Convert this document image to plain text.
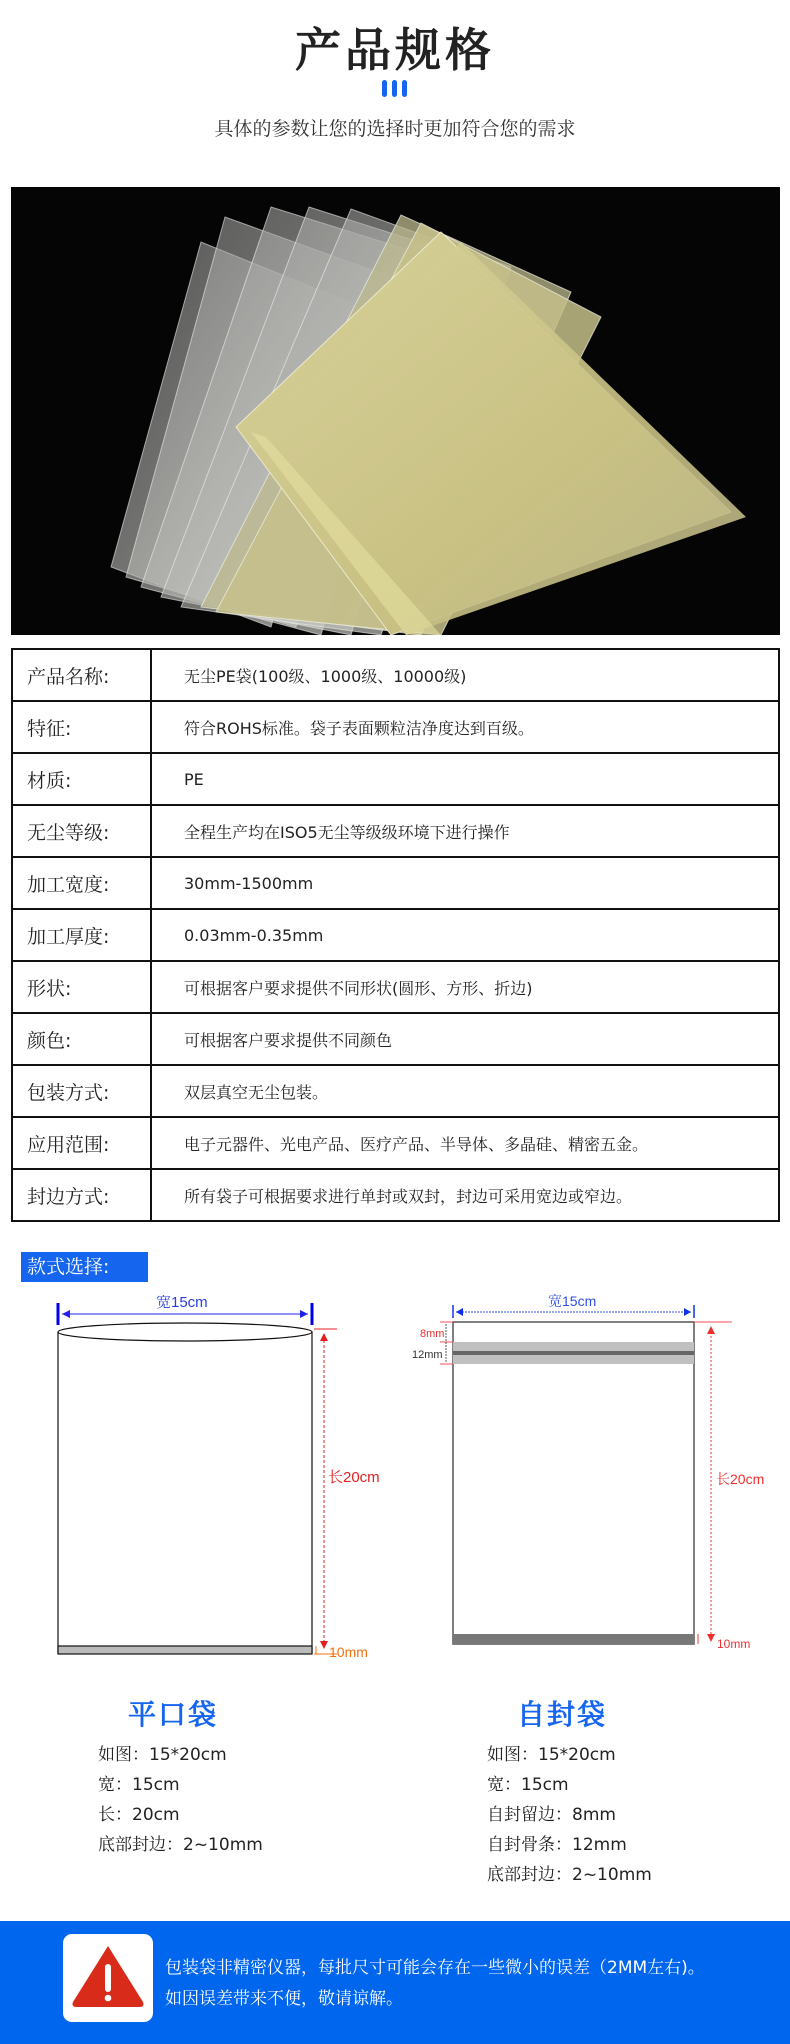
产品规格
具体的参数让您的选择时更加符合您的需求
产品名称:	无尘PE袋(100级、1000级、10000级)
特征:	符合ROHS标准。袋子表面颗粒洁净度达到百级。
材质:	PE
无尘等级:	全程生产均在ISO5无尘等级级环境下进行操作
加工宽度:	30mm-1500mm
加工厚度:	0.03mm-0.35mm
形状:	可根据客户要求提供不同形状(圆形、方形、折边)
颜色:	可根据客户要求提供不同颜色
包装方式:	双层真空无尘包装。
应用范围:	电子元器件、光电产品、医疗产品、半导体、多晶硅、精密五金。
封边方式:	所有袋子可根据要求进行单封或双封，封边可采用宽边或窄边。
款式选择:
宽15cm
长20cm
10mm
宽15cm
8mm
12mm
长20cm
10mm
平口袋
如图：15*20cm
宽：15cm
长：20cm
底部封边：2~10mm
自封袋
如图：15*20cm
宽：15cm
自封留边：8mm
自封骨条：12mm
底部封边：2~10mm
包装袋非精密仪器，每批尺寸可能会存在一些微小的误差（2MM左右)。
如因误差带来不便，敬请谅解。
